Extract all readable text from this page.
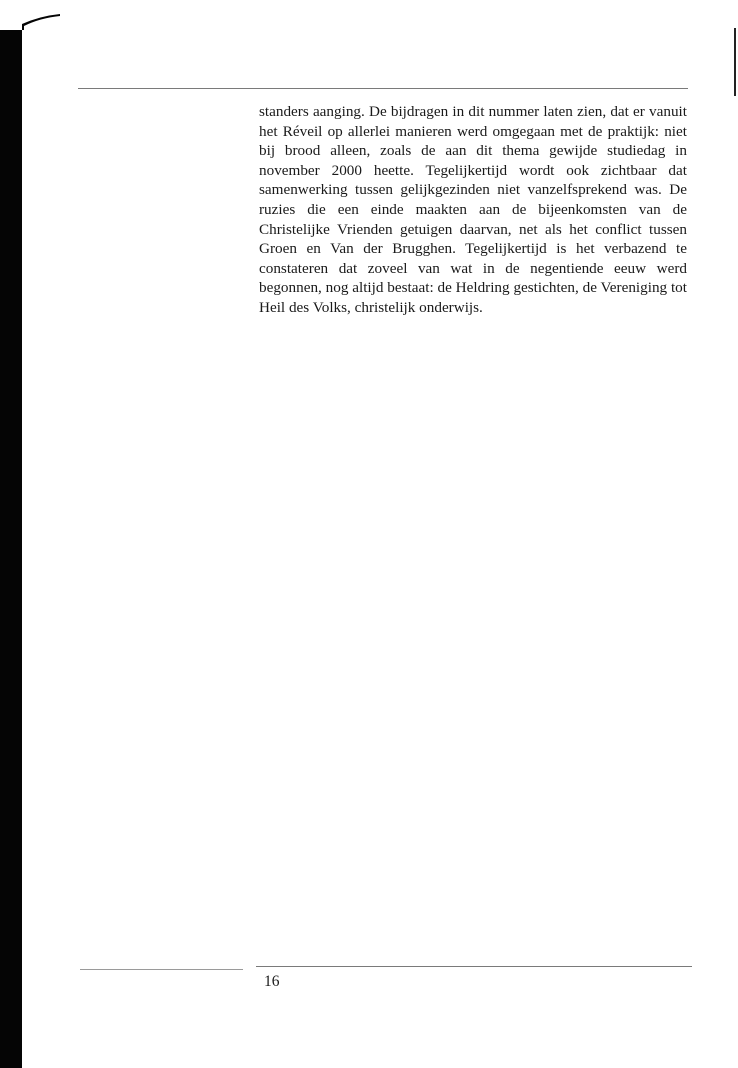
standers aanging. De bijdragen in dit nummer laten zien, dat er vanuit het Réveil op allerlei manieren werd omgegaan met de praktijk: niet bij brood alleen, zoals de aan dit thema gewijde studiedag in november 2000 heette. Tegelijkertijd wordt ook zichtbaar dat samenwerking tussen gelijkgezinden niet vanzelfsprekend was. De ruzies die een einde maakten aan de bijeenkomsten van de Christelijke Vrienden getuigen daarvan, net als het conflict tussen Groen en Van der Brugghen. Tegelijkertijd is het verbazend te constateren dat zoveel van wat in de negentiende eeuw werd begonnen, nog altijd bestaat: de Heldring gestichten, de Vereniging tot Heil des Volks, christelijk onderwijs.

16
